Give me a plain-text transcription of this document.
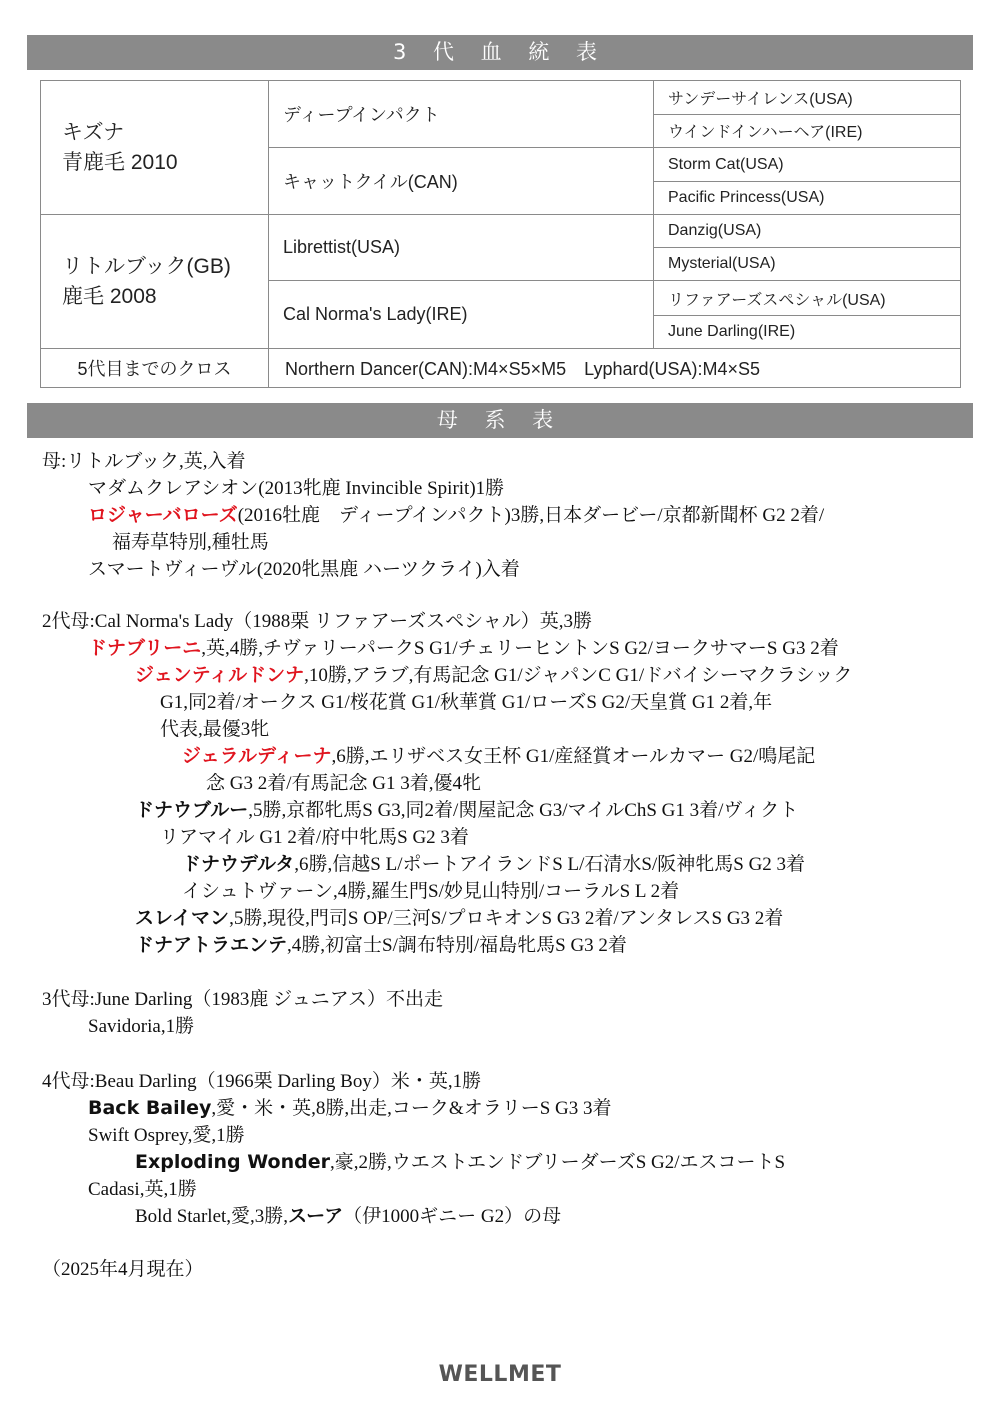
3 代 血 統 表
キズナ
青鹿毛 2010	ディープインパクト	サンデーサイレンス(USA)
		ウインドインハーヘア(IRE)
	キャットクイル(CAN)	Storm Cat(USA)
		Pacific Princess(USA)

リトルブック(GB)
鹿毛 2008	Librettist(USA)	Danzig(USA)
		Mysterial(USA)
	Cal Norma's Lady(IRE)	リファアーズスペシャル(USA)
		June Darling(IRE)
5代目までのクロス	Northern Dancer(CAN):M4×S5×M5　Lyphard(USA):M4×S5	
母 系 表
母:リトルブック,英,入着
マダムクレアシオン(2013牝鹿 Invincible Spirit)1勝
ロジャーバローズ(2016牡鹿　ディープインパクト)3勝,日本ダービー/京都新聞杯 G2 2着/
福寿草特別,種牡馬
スマートヴィーヴル(2020牝黒鹿 ハーツクライ)入着
2代母:Cal Norma's Lady（1988栗 リファアーズスペシャル）英,3勝
ドナブリーニ,英,4勝,チヴァリーパークS G1/チェリーヒントンS G2/ヨークサマーS G3 2着
ジェンティルドンナ,10勝,アラブ,有馬記念 G1/ジャパンC G1/ドバイシーマクラシック
G1,同2着/オークス G1/桜花賞 G1/秋華賞 G1/ローズS G2/天皇賞 G1 2着,年
代表,最優3牝
ジェラルディーナ,6勝,エリザベス女王杯 G1/産経賞オールカマー G2/鳴尾記
念 G3 2着/有馬記念 G1 3着,優4牝
ドナウブルー,5勝,京都牝馬S G3,同2着/関屋記念 G3/マイルChS G1 3着/ヴィクト
リアマイル G1 2着/府中牝馬S G2 3着
ドナウデルタ,6勝,信越S L/ポートアイランドS L/石清水S/阪神牝馬S G2 3着
イシュトヴァーン,4勝,羅生門S/妙見山特別/コーラルS L 2着
スレイマン,5勝,現役,門司S OP/三河S/プロキオンS G3 2着/アンタレスS G3 2着
ドナアトラエンテ,4勝,初富士S/調布特別/福島牝馬S G3 2着
3代母:June Darling（1983鹿 ジュニアス）不出走
Savidoria,1勝
4代母:Beau Darling（1966栗 Darling Boy）米・英,1勝
Back Bailey,愛・米・英,8勝,出走,コーク&オラリーS G3 3着
Swift Osprey,愛,1勝
Exploding Wonder,豪,2勝,ウエストエンドブリーダーズS G2/エスコートS
Cadasi,英,1勝
Bold Starlet,愛,3勝,スーア（伊1000ギニー G2）の母
（2025年4月現在）
WELLMET
